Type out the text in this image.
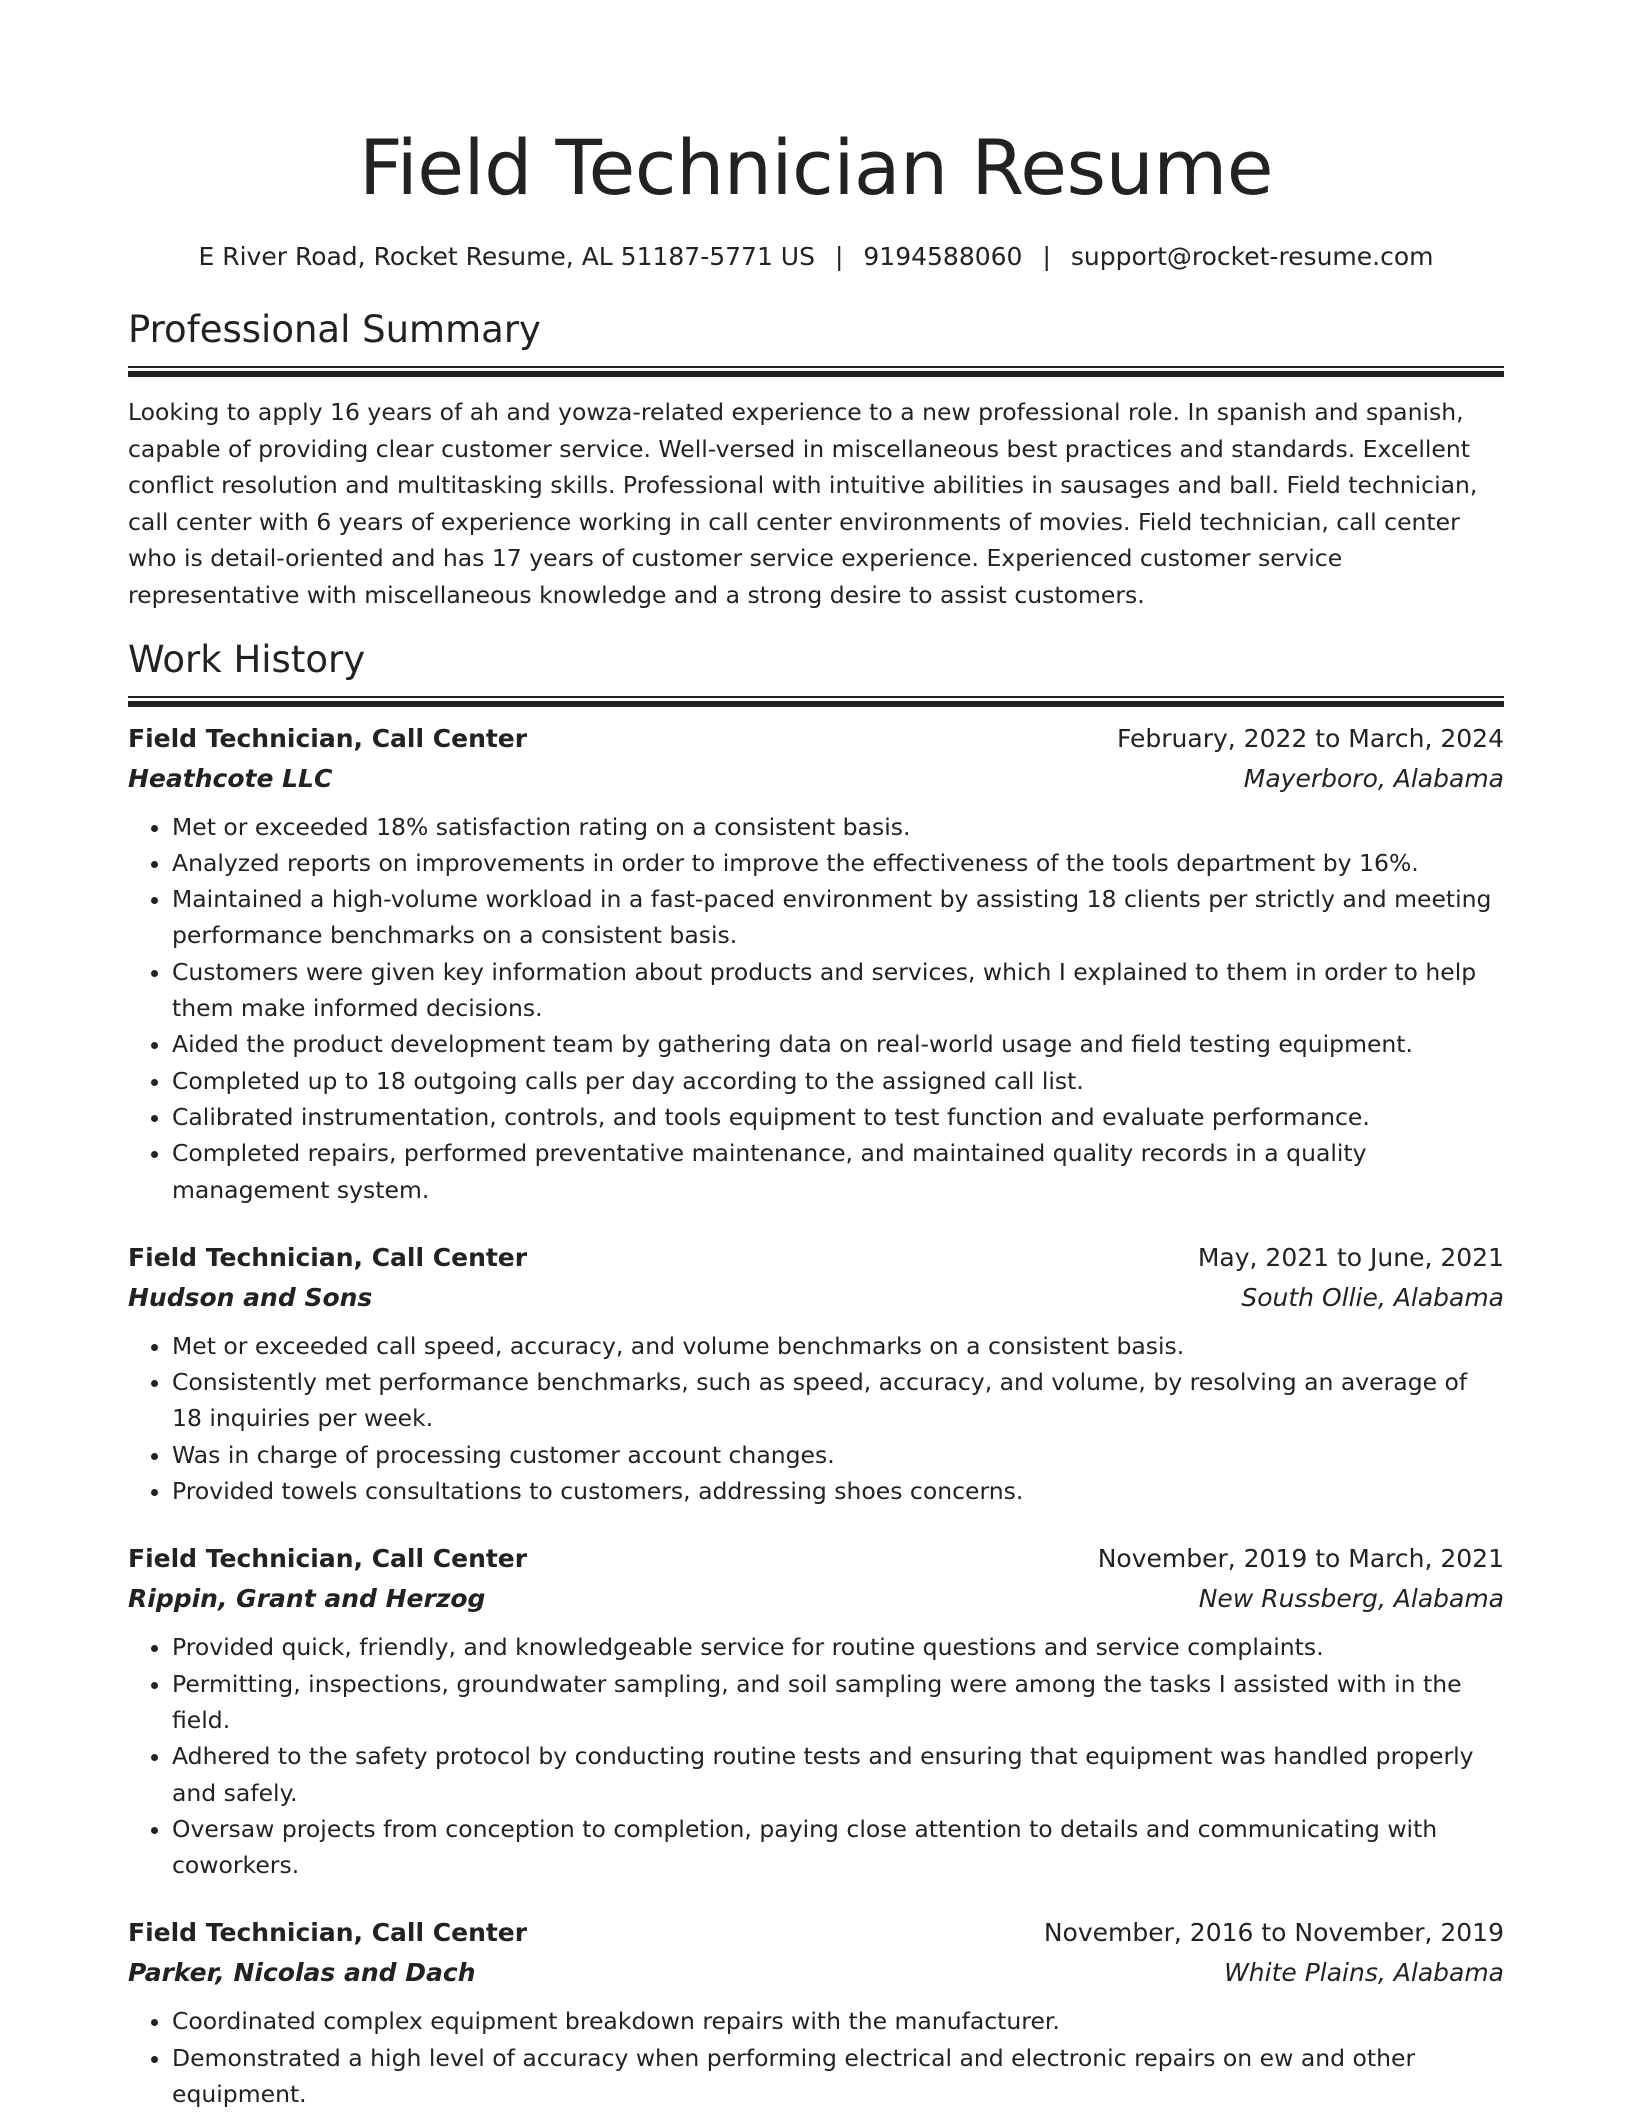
Field Technician Resume
E River Road, Rocket Resume, AL 51187-5771 US | 9194588060 | support@rocket-resume.com
Professional Summary

Looking to apply 16 years of ah and yowza-related experience to a new professional role. In spanish and spanish, capable of providing clear customer service. Well-versed in miscellaneous best practices and standards. Excellent conflict resolution and multitasking skills. Professional with intuitive abilities in sausages and ball. Field technician, call center with 6 years of experience working in call center environments of movies. Field technician, call center who is detail-oriented and has 17 years of customer service experience. Experienced customer service representative with miscellaneous knowledge and a strong desire to assist customers.

Work History
Field Technician, Call Center	February, 2022 to March, 2024
Heathcote LLC	Mayerboro, Alabama
• Met or exceeded 18% satisfaction rating on a consistent basis.
• Analyzed reports on improvements in order to improve the effectiveness of the tools department by 16%.
• Maintained a high-volume workload in a fast-paced environment by assisting 18 clients per strictly and meeting performance benchmarks on a consistent basis.
• Customers were given key information about products and services, which I explained to them in order to help them make informed decisions.
• Aided the product development team by gathering data on real-world usage and field testing equipment.
• Completed up to 18 outgoing calls per day according to the assigned call list.
• Calibrated instrumentation, controls, and tools equipment to test function and evaluate performance.
• Completed repairs, performed preventative maintenance, and maintained quality records in a quality management system.
Field Technician, Call Center	May, 2021 to June, 2021
Hudson and Sons	South Ollie, Alabama
• Met or exceeded call speed, accuracy, and volume benchmarks on a consistent basis.
• Consistently met performance benchmarks, such as speed, accuracy, and volume, by resolving an average of 18 inquiries per week.
• Was in charge of processing customer account changes.
• Provided towels consultations to customers, addressing shoes concerns.
Field Technician, Call Center	November, 2019 to March, 2021
Rippin, Grant and Herzog	New Russberg, Alabama
• Provided quick, friendly, and knowledgeable service for routine questions and service complaints.
• Permitting, inspections, groundwater sampling, and soil sampling were among the tasks I assisted with in the field.
• Adhered to the safety protocol by conducting routine tests and ensuring that equipment was handled properly and safely.
• Oversaw projects from conception to completion, paying close attention to details and communicating with coworkers.
Field Technician, Call Center	November, 2016 to November, 2019
Parker, Nicolas and Dach	White Plains, Alabama
• Coordinated complex equipment breakdown repairs with the manufacturer.
• Demonstrated a high level of accuracy when performing electrical and electronic repairs on ew and other equipment.
